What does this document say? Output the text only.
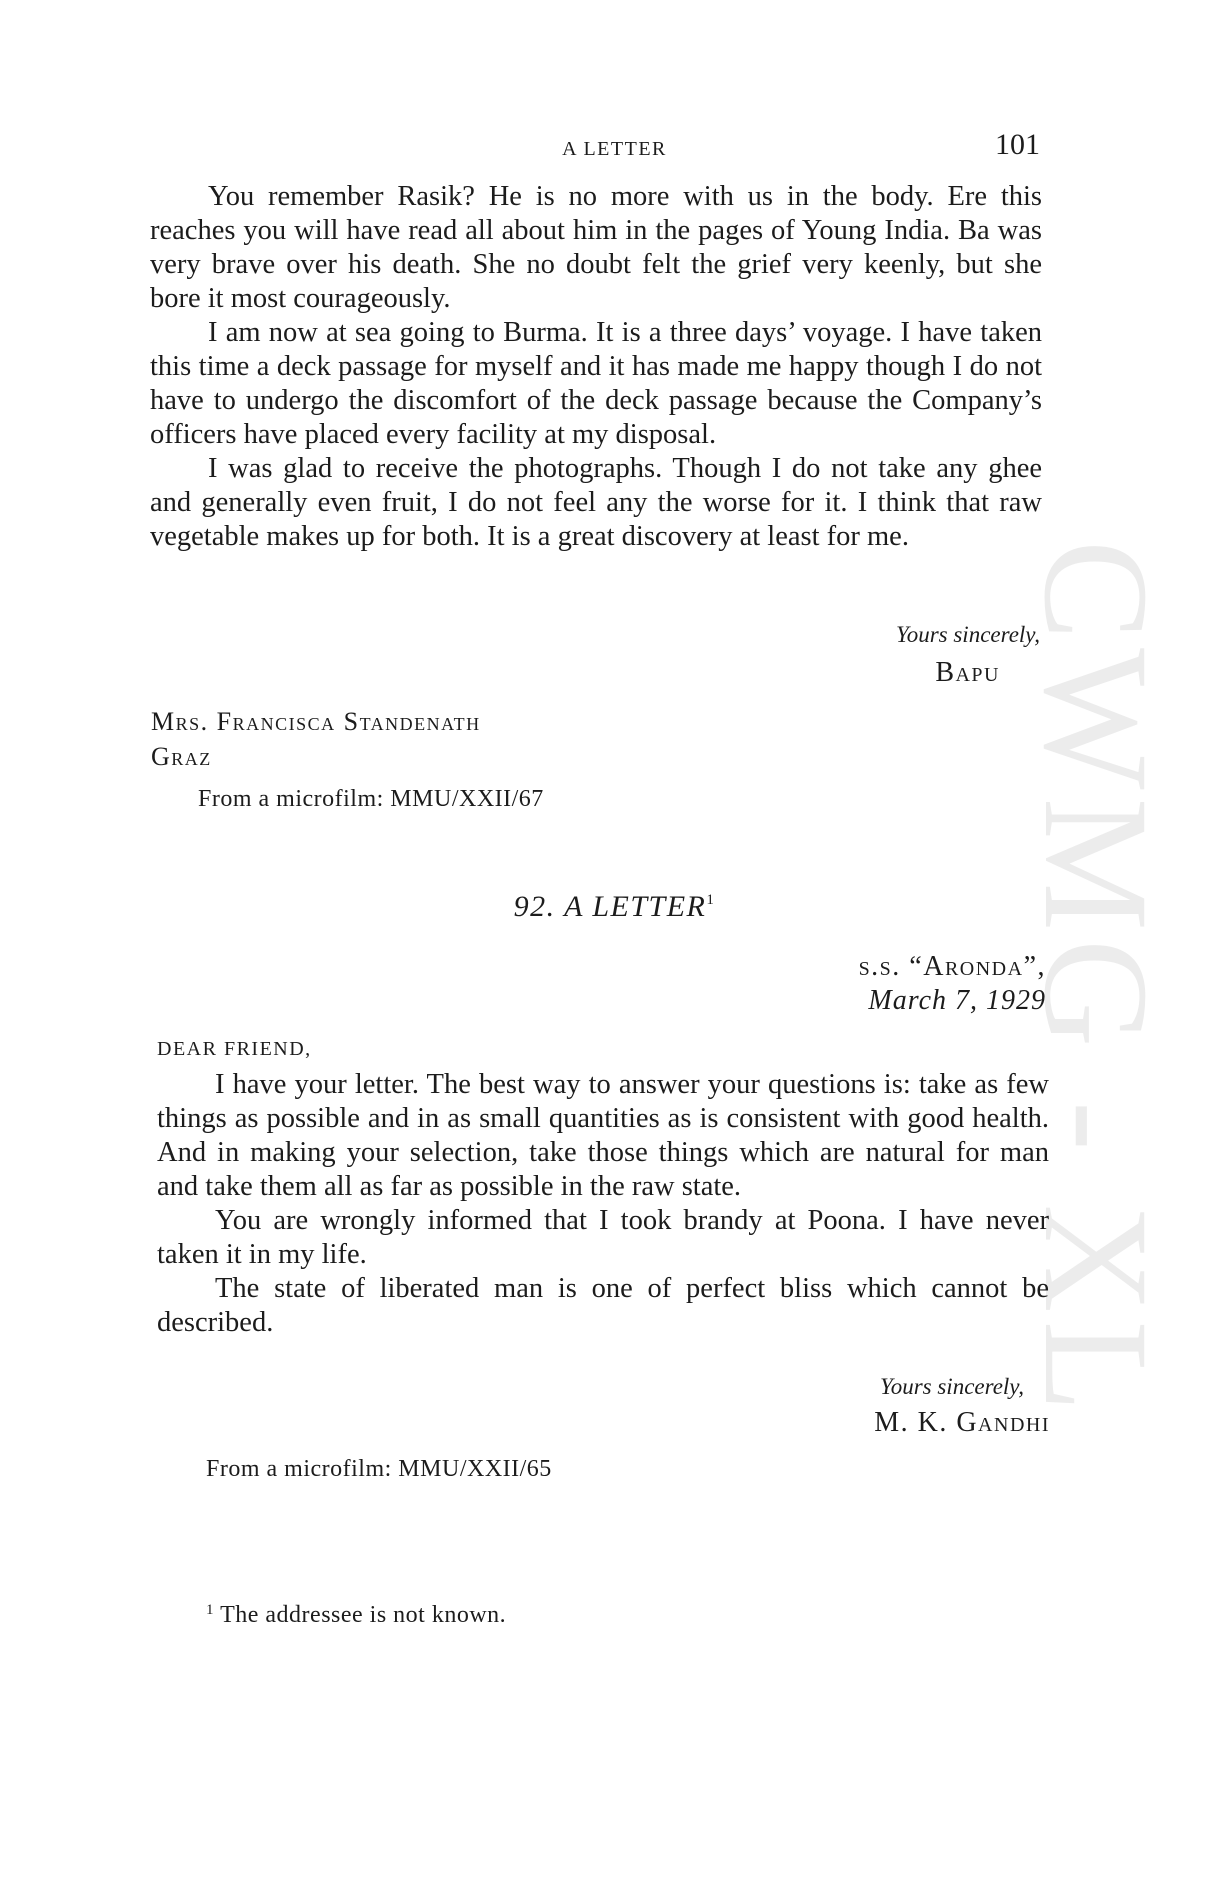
CWMG - XL
A LETTER	101

You remember Rasik? He is no more with us in the body. Ere this reaches you will have read all about him in the pages of Young India. Ba was very brave over his death. She no doubt felt the grief very keenly, but she bore it most courageously.

I am now at sea going to Burma. It is a three days’ voyage. I have taken this time a deck passage for myself and it has made me happy though I do not have to undergo the discomfort of the deck passage because the Company’s officers have placed every facility at my disposal.

I was glad to receive the photographs. Though I do not take any ghee and generally even fruit, I do not feel any the worse for it. I think that raw vegetable makes up for both. It is a great discovery at least for me.

Yours sincerely,
Bapu
Mrs. Francisca Standenath
Graz
From a microfilm: MMU/XXII/67
92. A LETTER$^1$
s.s. “Aronda”,
March 7, 1929
DEAR FRIEND,

I have your letter. The best way to answer your questions is: take as few things as possible and in as small quantities as is consistent with good health. And in making your selection, take those things which are natural for man and take them all as far as possible in the raw state.

You are wrongly informed that I took brandy at Poona. I have never taken it in my life.

The state of liberated man is one of perfect bliss which cannot be described.

Yours sincerely,
M. K. Gandhi
From a microfilm: MMU/XXII/65
$^1$ The addressee is not known.
